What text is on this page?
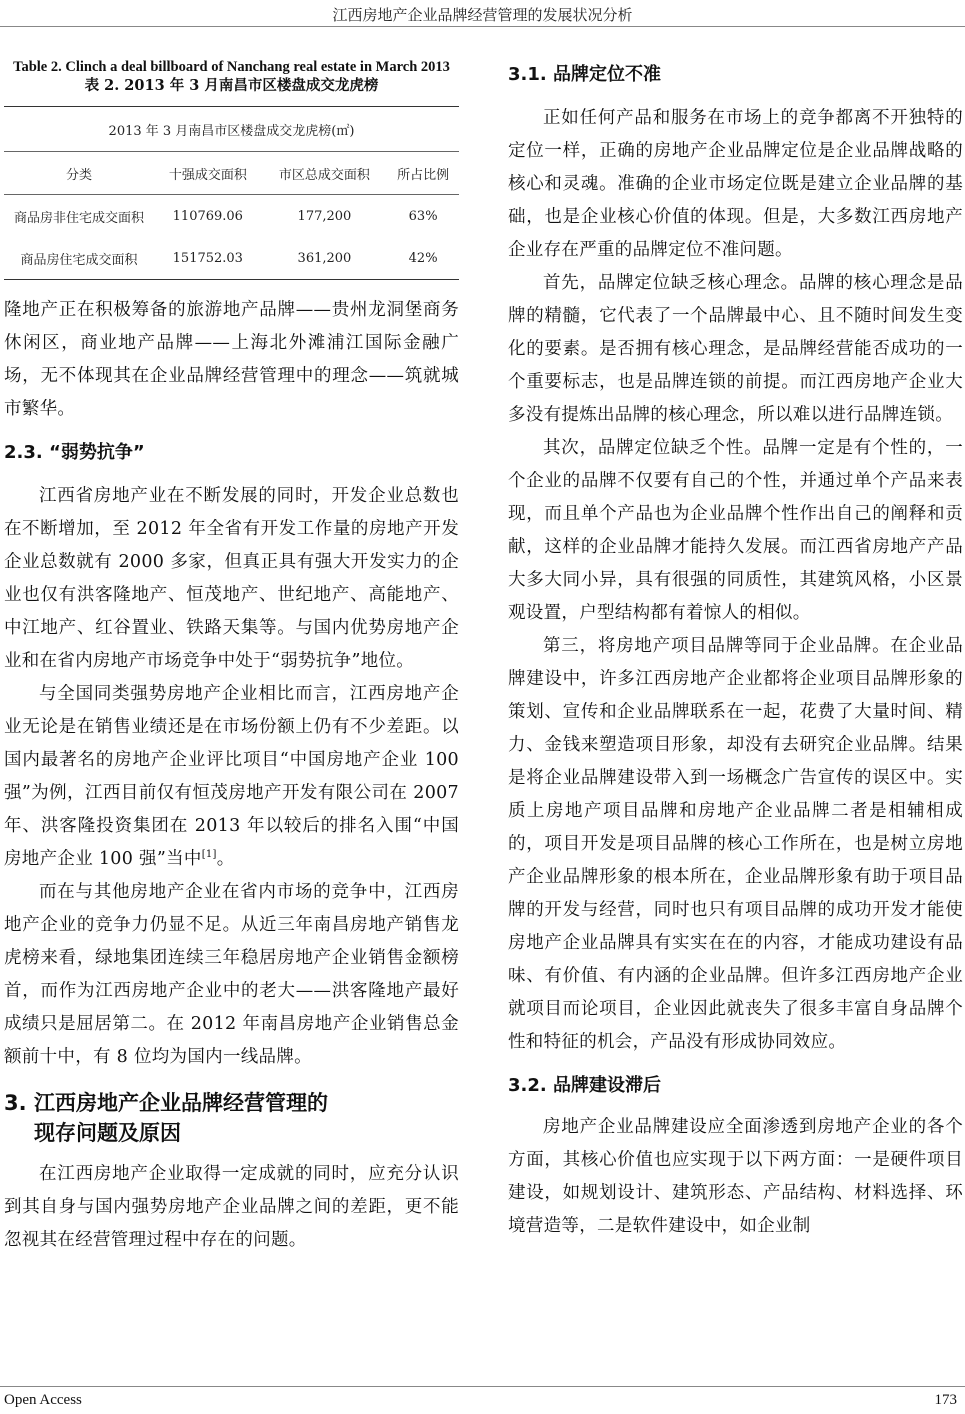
江西房地产企业品牌经营管理的发展状况分析
Table 2. Clinch a deal billboard of Nanchang real estate in March 2013
表 2. 2013 年 3 月南昌市区楼盘成交龙虎榜
2013 年 3 月南昌市区楼盘成交龙虎榜(㎡)			
分类	十强成交面积	市区总成交面积	所占比例
商品房非住宅成交面积	110769.06	177,200	63%
商品房住宅成交面积	151752.03	361,200	42%

隆地产正在积极筹备的旅游地产品牌——贵州龙洞堡商务休闲区，商业地产品牌——上海北外滩浦江国际金融广场，无不体现其在企业品牌经营管理中的理念——筑就城市繁华。

2.3. “弱势抗争”

江西省房地产业在不断发展的同时，开发企业总数也在不断增加，至 2012 年全省有开发工作量的房地产开发企业总数就有 2000 多家，但真正具有强大开发实力的企业也仅有洪客隆地产、恒茂地产、世纪地产、高能地产、中江地产、红谷置业、铁路天集等。与国内优势房地产企业和在省内房地产市场竞争中处于“弱势抗争”地位。

与全国同类强势房地产企业相比而言，江西房地产企业无论是在销售业绩还是在市场份额上仍有不少差距。以国内最著名的房地产企业评比项目“中国房地产企业 100 强”为例，江西目前仅有恒茂房地产开发有限公司在 2007 年、洪客隆投资集团在 2013 年以较后的排名入围“中国房地产企业 100 强”当中[1]。

而在与其他房地产企业在省内市场的竞争中，江西房地产企业的竞争力仍显不足。从近三年南昌房地产销售龙虎榜来看，绿地集团连续三年稳居房地产企业销售金额榜首，而作为江西房地产企业中的老大——洪客隆地产最好成绩只是屈居第二。在 2012 年南昌房地产企业销售总金额前十中，有 8 位均为国内一线品牌。

3. 江西房地产企业品牌经营管理的
现存问题及原因

在江西房地产企业取得一定成就的同时，应充分认识到其自身与国内强势房地产企业品牌之间的差距，更不能忽视其在经营管理过程中存在的问题。

3.1. 品牌定位不准

正如任何产品和服务在市场上的竞争都离不开独特的定位一样，正确的房地产企业品牌定位是企业品牌战略的核心和灵魂。准确的企业市场定位既是建立企业品牌的基础，也是企业核心价值的体现。但是，大多数江西房地产企业存在严重的品牌定位不准问题。

首先，品牌定位缺乏核心理念。品牌的核心理念是品牌的精髓，它代表了一个品牌最中心、且不随时间发生变化的要素。是否拥有核心理念，是品牌经营能否成功的一个重要标志，也是品牌连锁的前提。而江西房地产企业大多没有提炼出品牌的核心理念，所以难以进行品牌连锁。

其次，品牌定位缺乏个性。品牌一定是有个性的，一个企业的品牌不仅要有自己的个性，并通过单个产品来表现，而且单个产品也为企业品牌个性作出自己的阐释和贡献，这样的企业品牌才能持久发展。而江西省房地产产品大多大同小异，具有很强的同质性，其建筑风格，小区景观设置，户型结构都有着惊人的相似。

第三，将房地产项目品牌等同于企业品牌。在企业品牌建设中，许多江西房地产企业都将企业项目品牌形象的策划、宣传和企业品牌联系在一起，花费了大量时间、精力、金钱来塑造项目形象，却没有去研究企业品牌。结果是将企业品牌建设带入到一场概念广告宣传的误区中。实质上房地产项目品牌和房地产企业品牌二者是相辅相成的，项目开发是项目品牌的核心工作所在，也是树立房地产企业品牌形象的根本所在，企业品牌形象有助于项目品牌的开发与经营，同时也只有项目品牌的成功开发才能使房地产企业品牌具有实实在在的内容，才能成功建设有品味、有价值、有内涵的企业品牌。但许多江西房地产企业就项目而论项目，企业因此就丧失了很多丰富自身品牌个性和特征的机会，产品没有形成协同效应。

3.2. 品牌建设滞后

房地产企业品牌建设应全面渗透到房地产企业的各个方面，其核心价值也应实现于以下两方面：一是硬件项目建设，如规划设计、建筑形态、产品结构、材料选择、环境营造等，二是软件建设中，如企业制

Open Access	173
